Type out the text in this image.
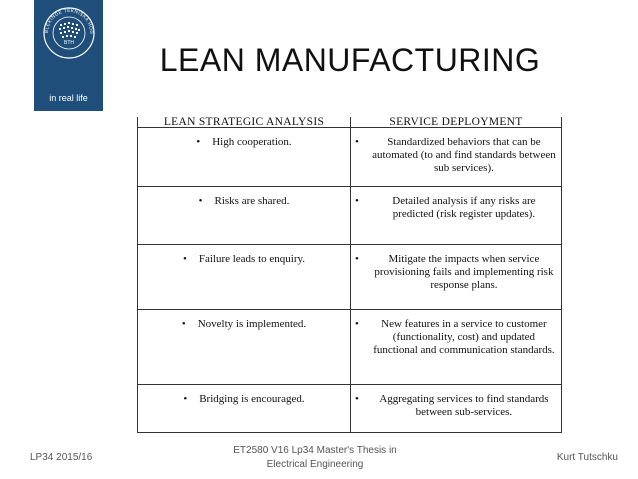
BTH
BLEKINGE TEKNISKA HÖG
in real life
LEAN MANUFACTURING
LEAN STRATEGIC ANALYSIS	SERVICE DEPLOYMENT

• High cooperation.	• Standardized behaviors that can be automated (to and find standards between sub services).

• Risks are shared.	• Detailed analysis if any risks are predicted (risk register updates).

• Failure leads to enquiry.	• Mitigate the impacts when service provisioning fails and implementing risk response plans.

• Novelty is implemented.	• New features in a service to customer (functionality, cost) and updated functional and communication standards.

• Bridging is encouraged.	• Aggregating services to find standards between sub-services.
LP34 2015/16
ET2580 V16 Lp34 Master's Thesis in Electrical Engineering
Kurt Tutschku
